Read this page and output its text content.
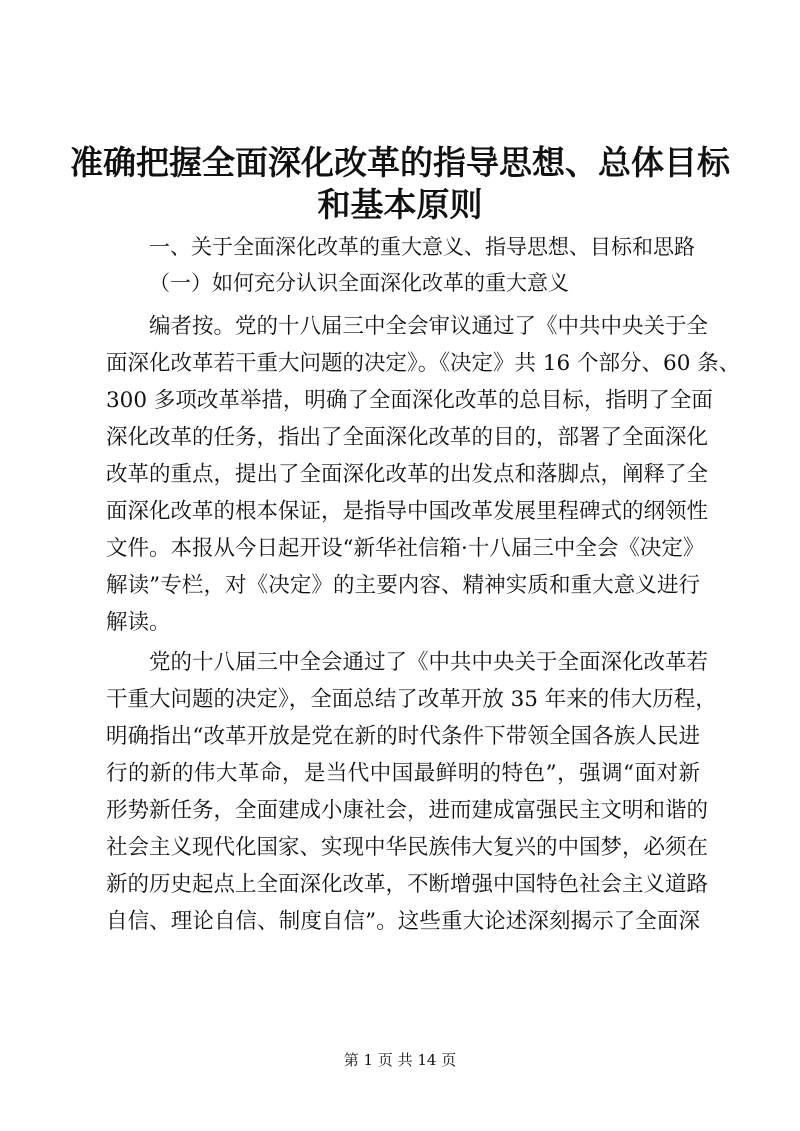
准确把握全面深化改革的指导思想、总体目标
和基本原则
一、关于全面深化改革的重大意义、指导思想、目标和思路
（一）如何充分认识全面深化改革的重大意义
编者按。党的十八届三中全会审议通过了《中共中央关于全
面深化改革若干重大问题的决定》。《决定》共 16 个部分、60 条、
300 多项改革举措，明确了全面深化改革的总目标，指明了全面
深化改革的任务，指出了全面深化改革的目的，部署了全面深化
改革的重点，提出了全面深化改革的出发点和落脚点，阐释了全
面深化改革的根本保证，是指导中国改革发展里程碑式的纲领性
文件。本报从今日起开设“新华社信箱·十八届三中全会《决定》
解读”专栏，对《决定》的主要内容、精神实质和重大意义进行
解读。
党的十八届三中全会通过了《中共中央关于全面深化改革若
干重大问题的决定》，全面总结了改革开放 35 年来的伟大历程，
明确指出“改革开放是党在新的时代条件下带领全国各族人民进
行的新的伟大革命，是当代中国最鲜明的特色”，强调“面对新
形势新任务，全面建成小康社会，进而建成富强民主文明和谐的
社会主义现代化国家、实现中华民族伟大复兴的中国梦，必须在
新的历史起点上全面深化改革，不断增强中国特色社会主义道路
自信、理论自信、制度自信”。这些重大论述深刻揭示了全面深
第 1 页 共 14 页
